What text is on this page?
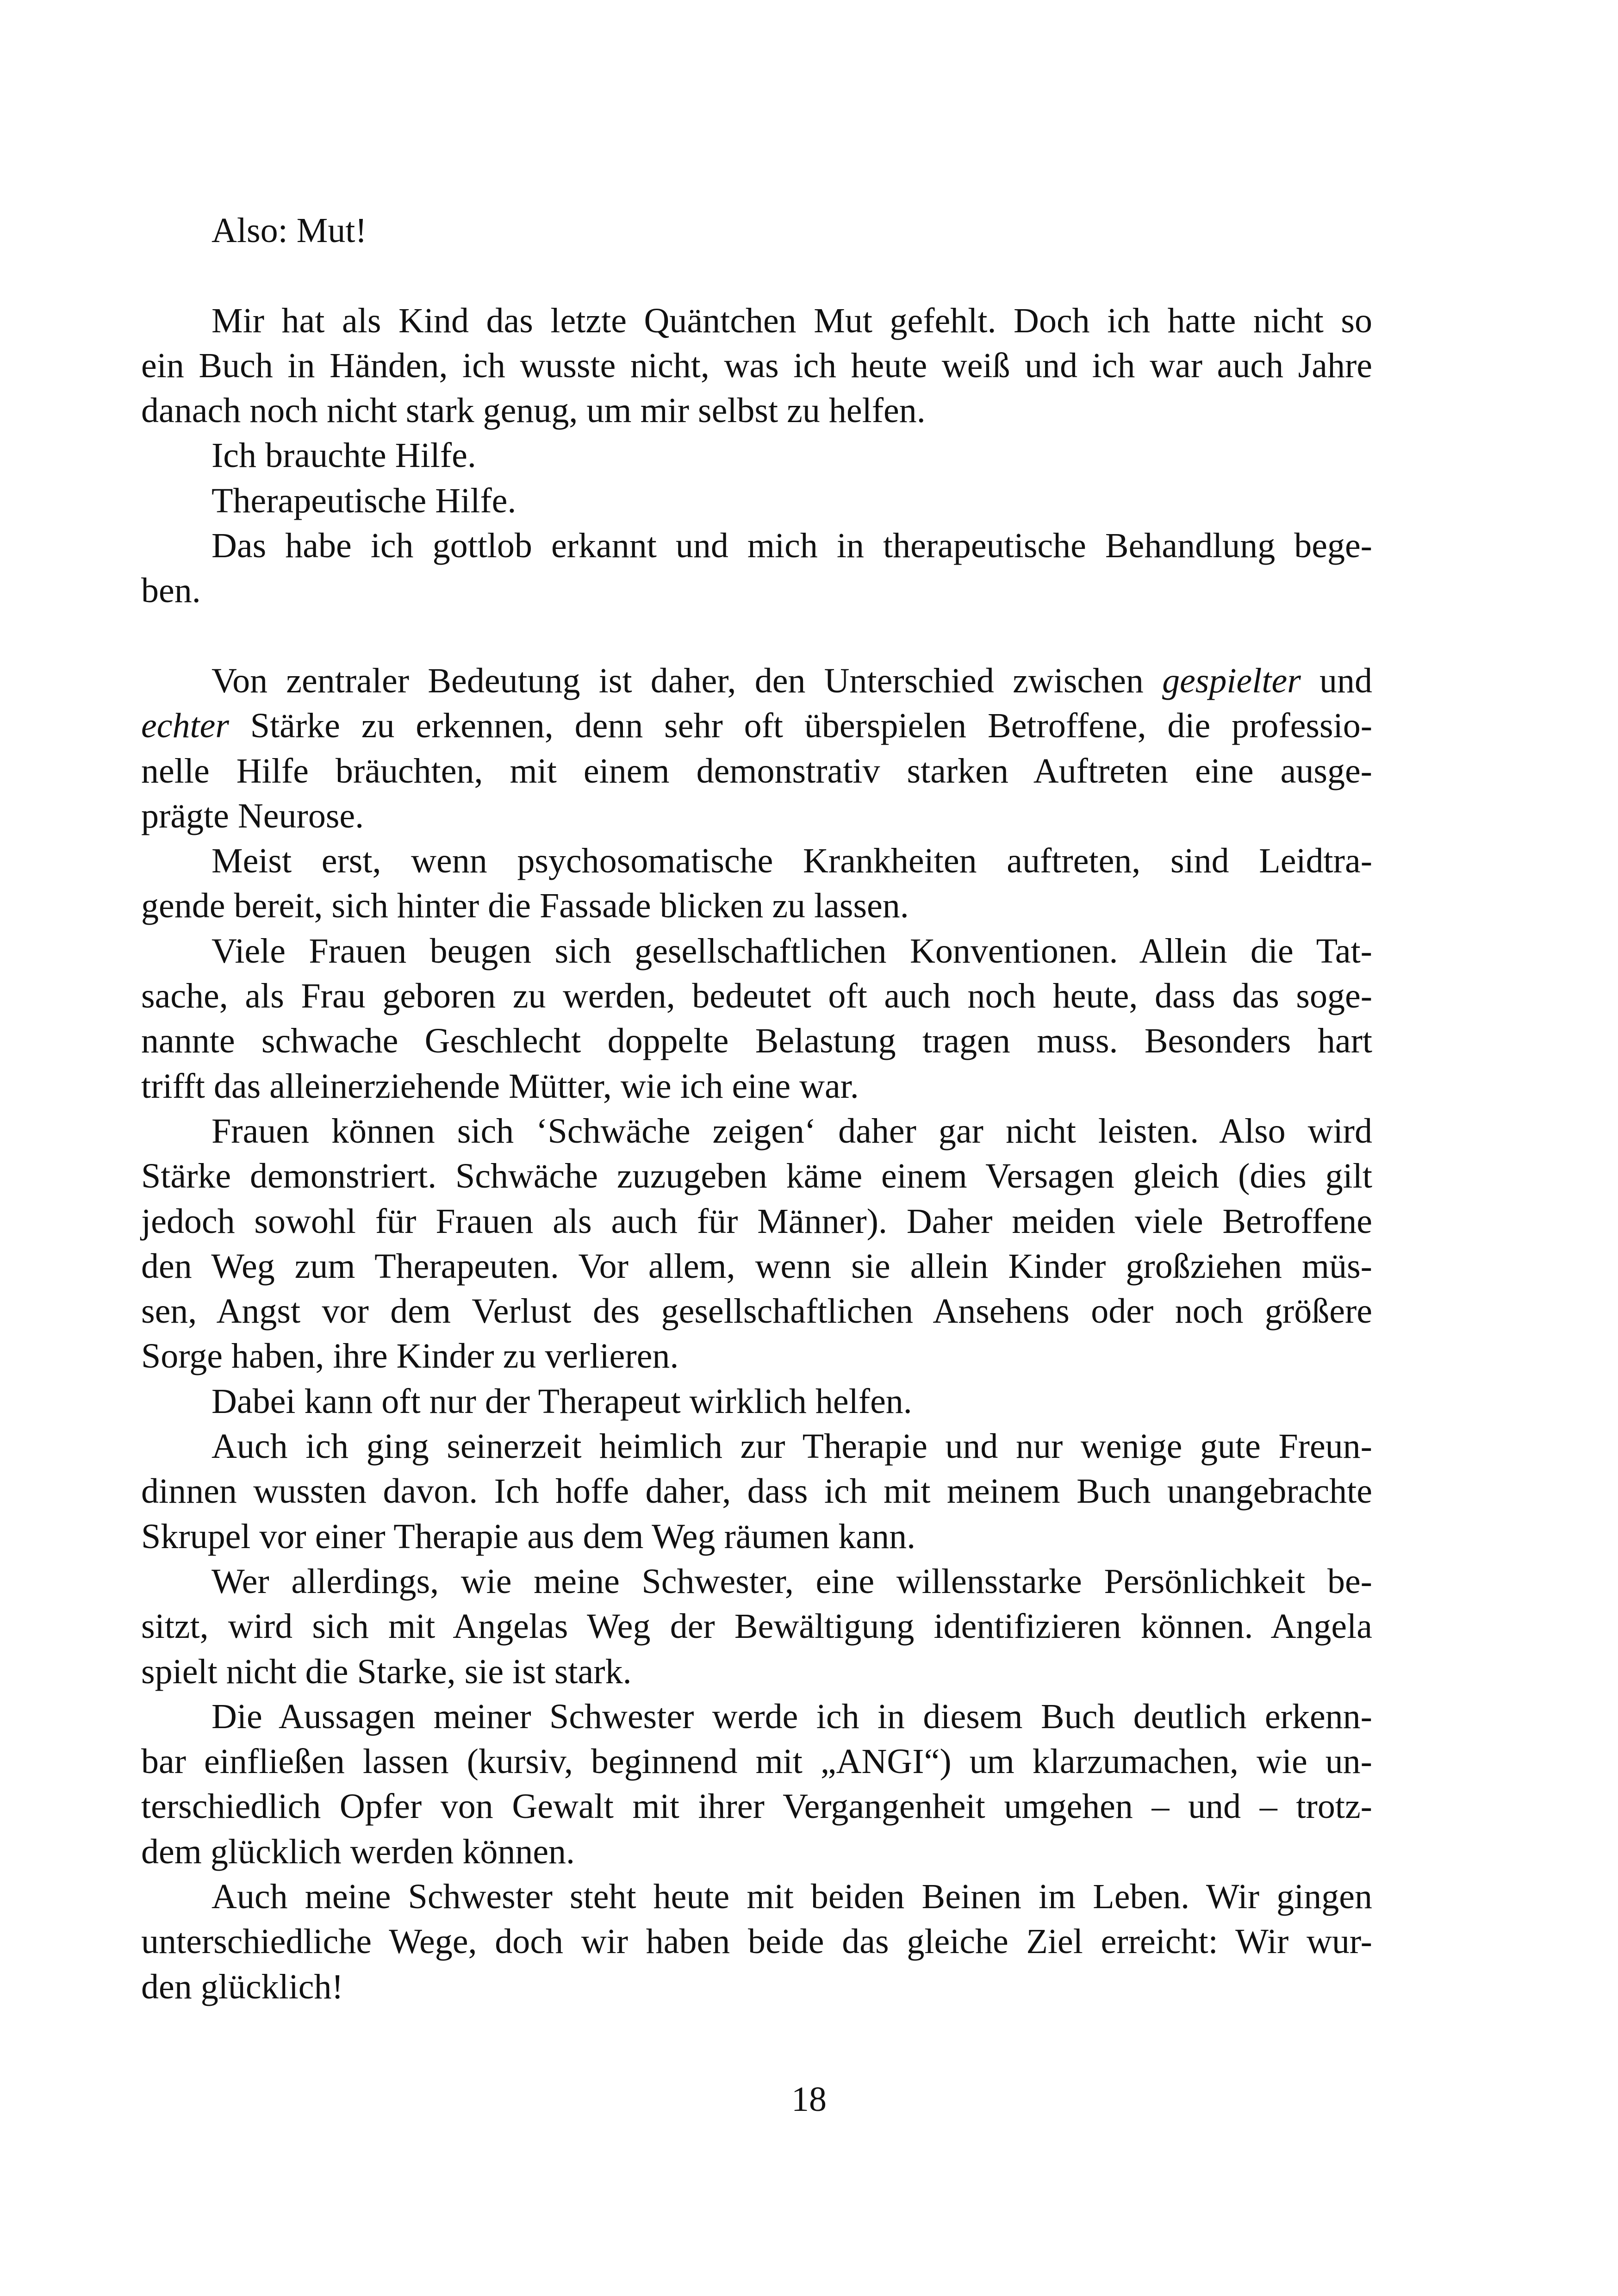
Also: Mut!
Mir hat als Kind das letzte Quäntchen Mut gefehlt. Doch ich hatte nicht so
ein Buch in Händen, ich wusste nicht, was ich heute weiß und ich war auch Jahre
danach noch nicht stark genug, um mir selbst zu helfen.
Ich brauchte Hilfe.
Therapeutische Hilfe.
Das habe ich gottlob erkannt und mich in therapeutische Behandlung bege-
ben.
Von zentraler Bedeutung ist daher, den Unterschied zwischen gespielter und
echter Stärke zu erkennen, denn sehr oft überspielen Betroffene, die professio-
nelle Hilfe bräuchten, mit einem demonstrativ starken Auftreten eine ausge-
prägte Neurose.
Meist erst, wenn psychosomatische Krankheiten auftreten, sind Leidtra-
gende bereit, sich hinter die Fassade blicken zu lassen.
Viele Frauen beugen sich gesellschaftlichen Konventionen. Allein die Tat-
sache, als Frau geboren zu werden, bedeutet oft auch noch heute, dass das soge-
nannte schwache Geschlecht doppelte Belastung tragen muss. Besonders hart
trifft das alleinerziehende Mütter, wie ich eine war.
Frauen können sich ‘Schwäche zeigen‘ daher gar nicht leisten. Also wird
Stärke demonstriert. Schwäche zuzugeben käme einem Versagen gleich (dies gilt
jedoch sowohl für Frauen als auch für Männer). Daher meiden viele Betroffene
den Weg zum Therapeuten. Vor allem, wenn sie allein Kinder großziehen müs-
sen, Angst vor dem Verlust des gesellschaftlichen Ansehens oder noch größere
Sorge haben, ihre Kinder zu verlieren.
Dabei kann oft nur der Therapeut wirklich helfen.
Auch ich ging seinerzeit heimlich zur Therapie und nur wenige gute Freun-
dinnen wussten davon. Ich hoffe daher, dass ich mit meinem Buch unangebrachte
Skrupel vor einer Therapie aus dem Weg räumen kann.
Wer allerdings, wie meine Schwester, eine willensstarke Persönlichkeit be-
sitzt, wird sich mit Angelas Weg der Bewältigung identifizieren können. Angela
spielt nicht die Starke, sie ist stark.
Die Aussagen meiner Schwester werde ich in diesem Buch deutlich erkenn-
bar einfließen lassen (kursiv, beginnend mit „ANGI“) um klarzumachen, wie un-
terschiedlich Opfer von Gewalt mit ihrer Vergangenheit umgehen – und – trotz-
dem glücklich werden können.
Auch meine Schwester steht heute mit beiden Beinen im Leben. Wir gingen
unterschiedliche Wege, doch wir haben beide das gleiche Ziel erreicht: Wir wur-
den glücklich!
18
